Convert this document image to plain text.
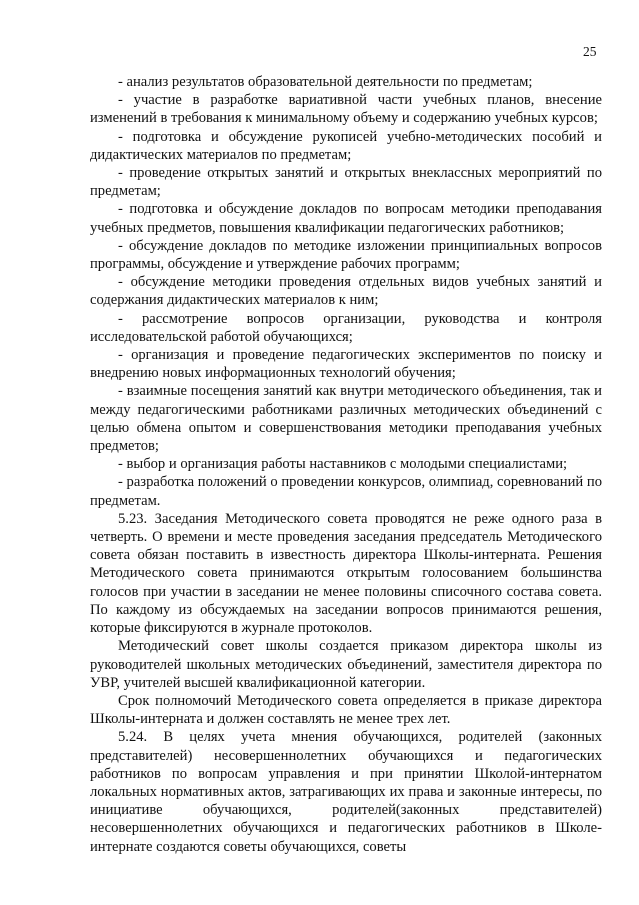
25

- анализ результатов образовательной деятельности по предметам;

- участие в разработке вариативной части учебных планов, внесение изменений в требования к минимальному объему и содержанию учебных курсов;

- подготовка и обсуждение рукописей учебно-методических пособий и дидактических материалов по предметам;

- проведение открытых занятий и открытых внеклассных мероприятий по предметам;

- подготовка и обсуждение докладов по вопросам методики преподавания учебных предметов, повышения квалификации педагогических работников;

- обсуждение докладов по методике изложении принципиальных вопросов программы, обсуждение и утверждение рабочих программ;

- обсуждение методики проведения отдельных видов учебных занятий и содержания дидактических материалов к ним;

- рассмотрение вопросов организации, руководства и контроля исследовательской работой обучающихся;

- организация и проведение педагогических экспериментов по поиску и внедрению новых информационных технологий обучения;

- взаимные посещения занятий как внутри методического объединения, так и между педагогическими работниками различных методических объединений с целью обмена опытом и совершенствования методики преподавания учебных предметов;

- выбор и организация работы наставников с молодыми специалистами;

- разработка положений о проведении конкурсов, олимпиад, соревнований по предметам.

5.23. Заседания Методического совета проводятся не реже одного раза в четверть. О времени и месте проведения заседания председатель Методического совета обязан поставить в известность директора Школы-интерната. Решения Методического совета принимаются открытым голосованием большинства голосов при участии в заседании не менее половины списочного состава совета. По каждому из обсуждаемых на заседании вопросов принимаются решения, которые фиксируются в журнале протоколов.

Методический совет школы создается приказом директора школы из руководителей школьных методических объединений, заместителя директора по УВР, учителей высшей квалификационной категории.

Срок полномочий Методического совета определяется в приказе директора Школы-интерната и должен составлять не менее трех лет.

5.24. В целях учета мнения обучающихся, родителей (законных представителей) несовершеннолетних обучающихся и педагогических работников по вопросам управления и при принятии Школой-интернатом локальных нормативных актов, затрагивающих их права и законные интересы, по инициативе обучающихся, родителей(законных представителей) несовершеннолетних обучающихся и педагогических работников в Школе-интернате создаются советы обучающихся, советы
